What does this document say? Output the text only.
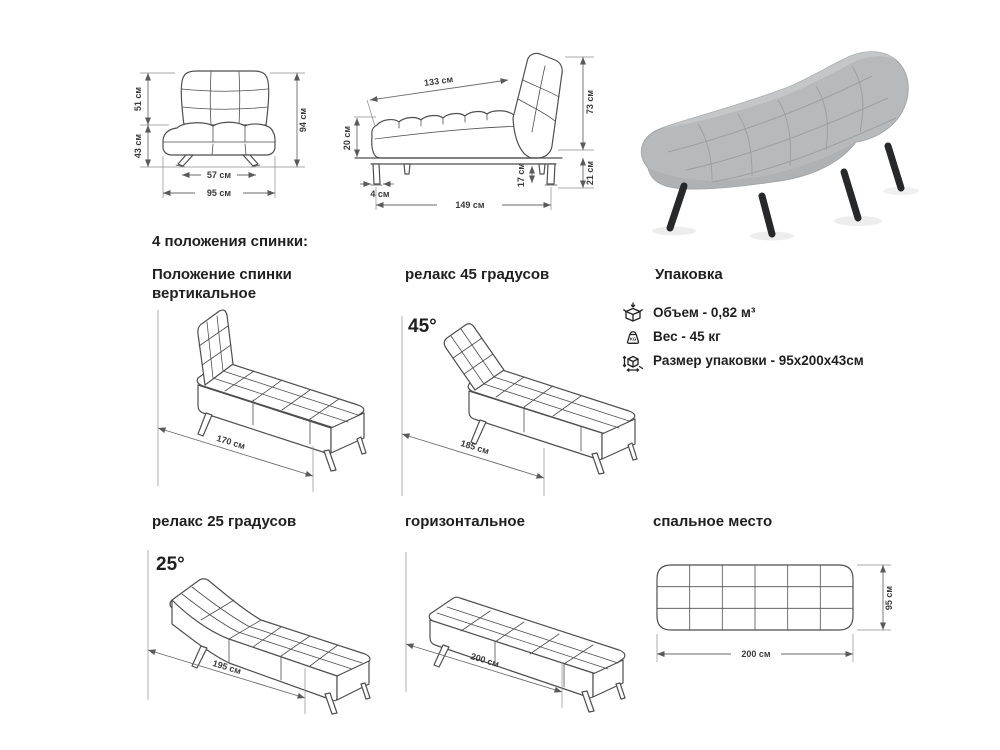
51 см
43 см
94 см
57 см
95 см
133 см
20 см
73 см
21 см
17 см
4 см
149 см
4 положения спинки:
Положение спинки
вертикальное
релакс 45 градусов	Упаковка
Объем - 0,82 м³
KG Вес - 45 кг
Размер упаковки - 95x200x43см
170 см
45°
185 см
релакс 25 градусов	горизонтальное	спальное место
25°
195 см	200 см
95 см
200 см
